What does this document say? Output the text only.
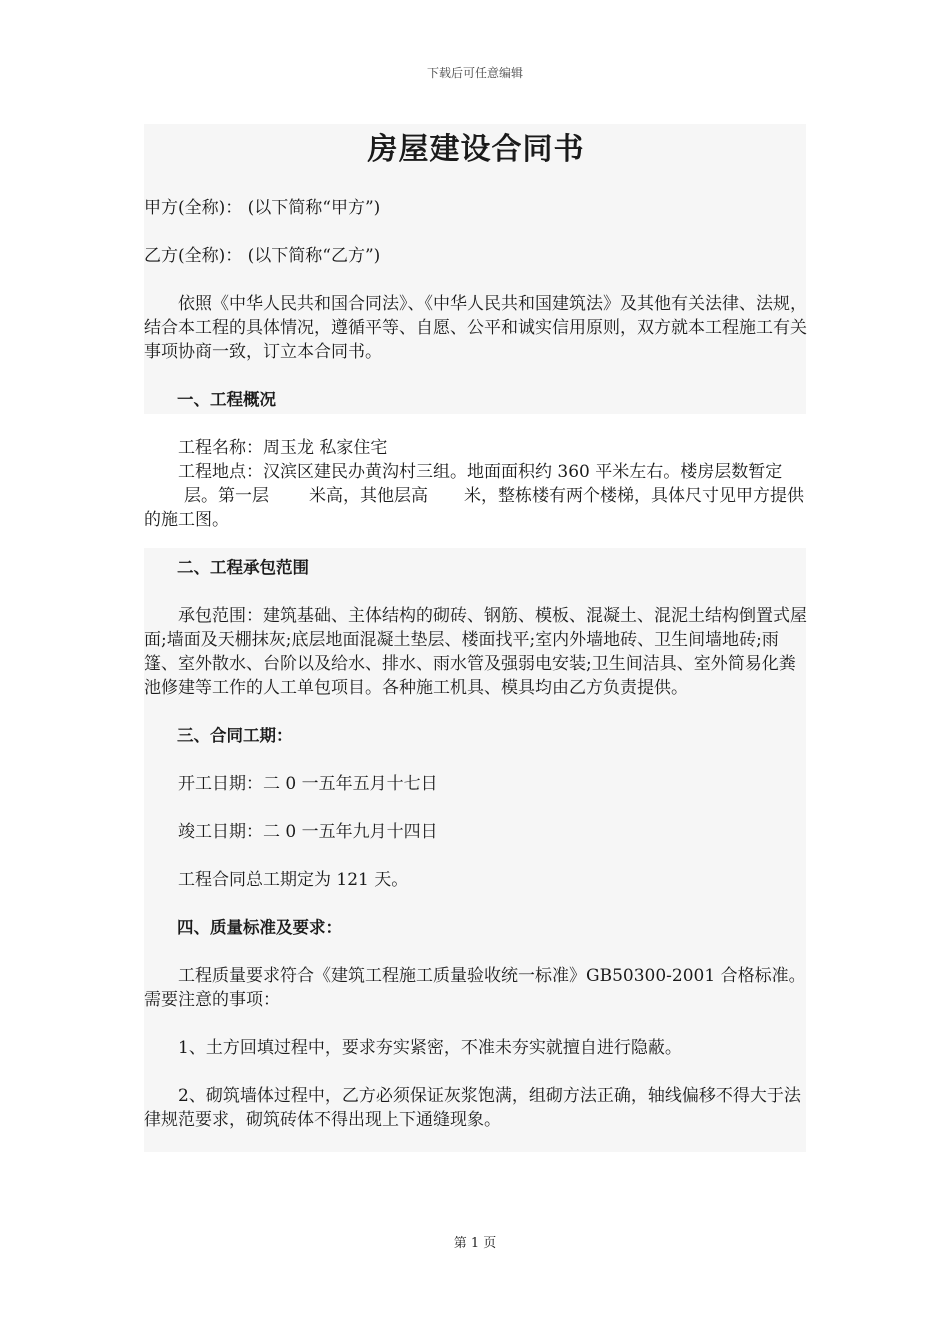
下载后可任意编辑
房屋建设合同书

甲方(全称)： (以下简称“甲方”)

乙方(全称)： (以下简称“乙方”)

依照《中华人民共和国合同法》、《中华人民共和国建筑法》及其他有关法律、法规，结合本工程的具体情况，遵循平等、自愿、公平和诚实信用原则，双方就本工程施工有关事项协商一致，订立本合同书。

一、工程概况

工程名称：周玉龙 私家住宅

工程地点：汉滨区建民办黄沟村三组。地面面积约 360 平米左右。楼房层数暂定层。第一层 米高，其他层高 米，整栋楼有两个楼梯，具体尺寸见甲方提供的施工图。

二、工程承包范围

承包范围：建筑基础、主体结构的砌砖、钢筋、模板、混凝土、混泥土结构倒置式屋面;墙面及天棚抹灰;底层地面混凝土垫层、楼面找平;室内外墙地砖、卫生间墙地砖;雨篷、室外散水、台阶以及给水、排水、雨水管及强弱电安装;卫生间洁具、室外简易化粪池修建等工作的人工单包项目。各种施工机具、模具均由乙方负责提供。

三、合同工期：

开工日期：二 0 一五年五月十七日

竣工日期：二 0 一五年九月十四日

工程合同总工期定为 121 天。

四、质量标准及要求：

工程质量要求符合《建筑工程施工质量验收统一标准》GB50300-2001 合格标准。 需要注意的事项：

1、土方回填过程中，要求夯实紧密，不准未夯实就擅自进行隐蔽。

2、砌筑墙体过程中，乙方必须保证灰浆饱满，组砌方法正确，轴线偏移不得大于法律规范要求，砌筑砖体不得出现上下通缝现象。

第 1 页
